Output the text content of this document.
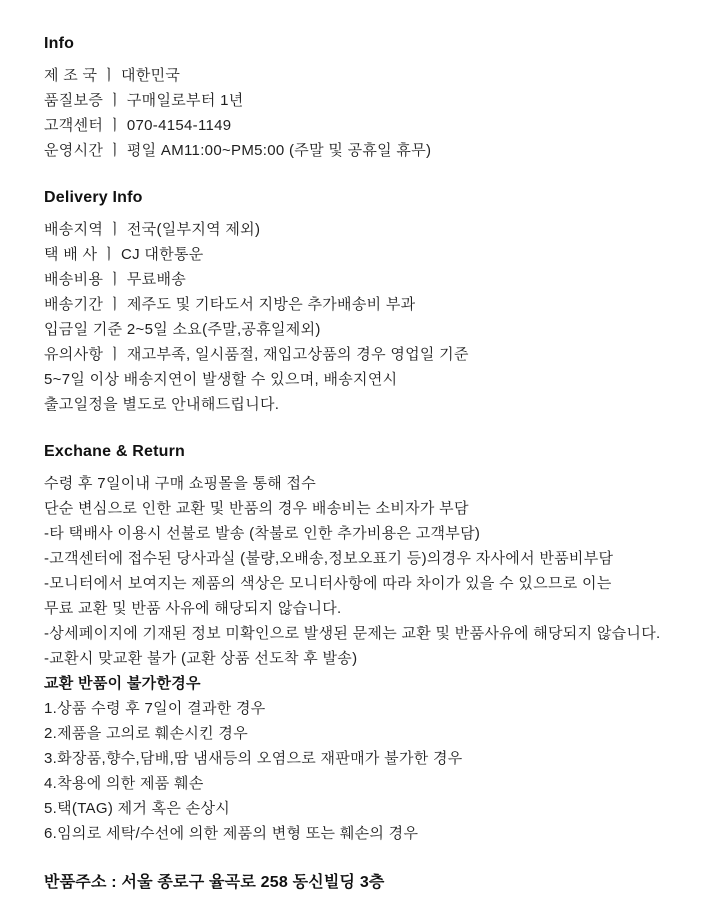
Info

제 조 국 ㅣ 대한민국

품질보증 ㅣ 구매일로부터 1년

고객센터 ㅣ 070-4154-1149

운영시간 ㅣ 평일 AM11:00~PM5:00 (주말 및 공휴일 휴무)

Delivery Info

배송지역 ㅣ 전국(일부지역 제외)

택 배 사 ㅣ CJ 대한통운

배송비용 ㅣ 무료배송

배송기간 ㅣ 제주도 및 기타도서 지방은 추가배송비 부과

입금일 기준 2~5일 소요(주말,공휴일제외)

유의사항 ㅣ 재고부족, 일시품절, 재입고상품의 경우 영업일 기준

5~7일 이상 배송지연이 발생할 수 있으며, 배송지연시

출고일정을 별도로 안내해드립니다.

Exchane & Return

수령 후 7일이내 구매 쇼핑몰을 통해 접수

단순 변심으로 인한 교환 및 반품의 경우 배송비는 소비자가 부담

-타 택배사 이용시 선불로 발송 (착불로 인한 추가비용은 고객부담)

-고객센터에 접수된 당사과실 (불량,오배송,정보오표기 등)의경우 자사에서 반품비부담

-모니터에서 보여지는 제품의 색상은 모니터사항에 따라 차이가 있을 수 있으므로 이는

무료 교환 및 반품 사유에 해당되지 않습니다.

-상세페이지에 기재된 정보 미확인으로 발생된 문제는 교환 및 반품사유에 해당되지 않습니다.

-교환시 맞교환 불가 (교환 상품 선도착 후 발송)

교환 반품이 불가한경우

1.상품 수령 후 7일이 결과한 경우

2.제품을 고의로 훼손시킨 경우

3.화장품,향수,담배,땀 냄새등의 오염으로 재판매가 불가한 경우

4.착용에 의한 제품 훼손

5.택(TAG) 제거 혹은 손상시

6.임의로 세탁/수선에 의한 제품의 변형 또는 훼손의 경우

반품주소 : 서울 종로구 율곡로 258 동신빌딩 3층
